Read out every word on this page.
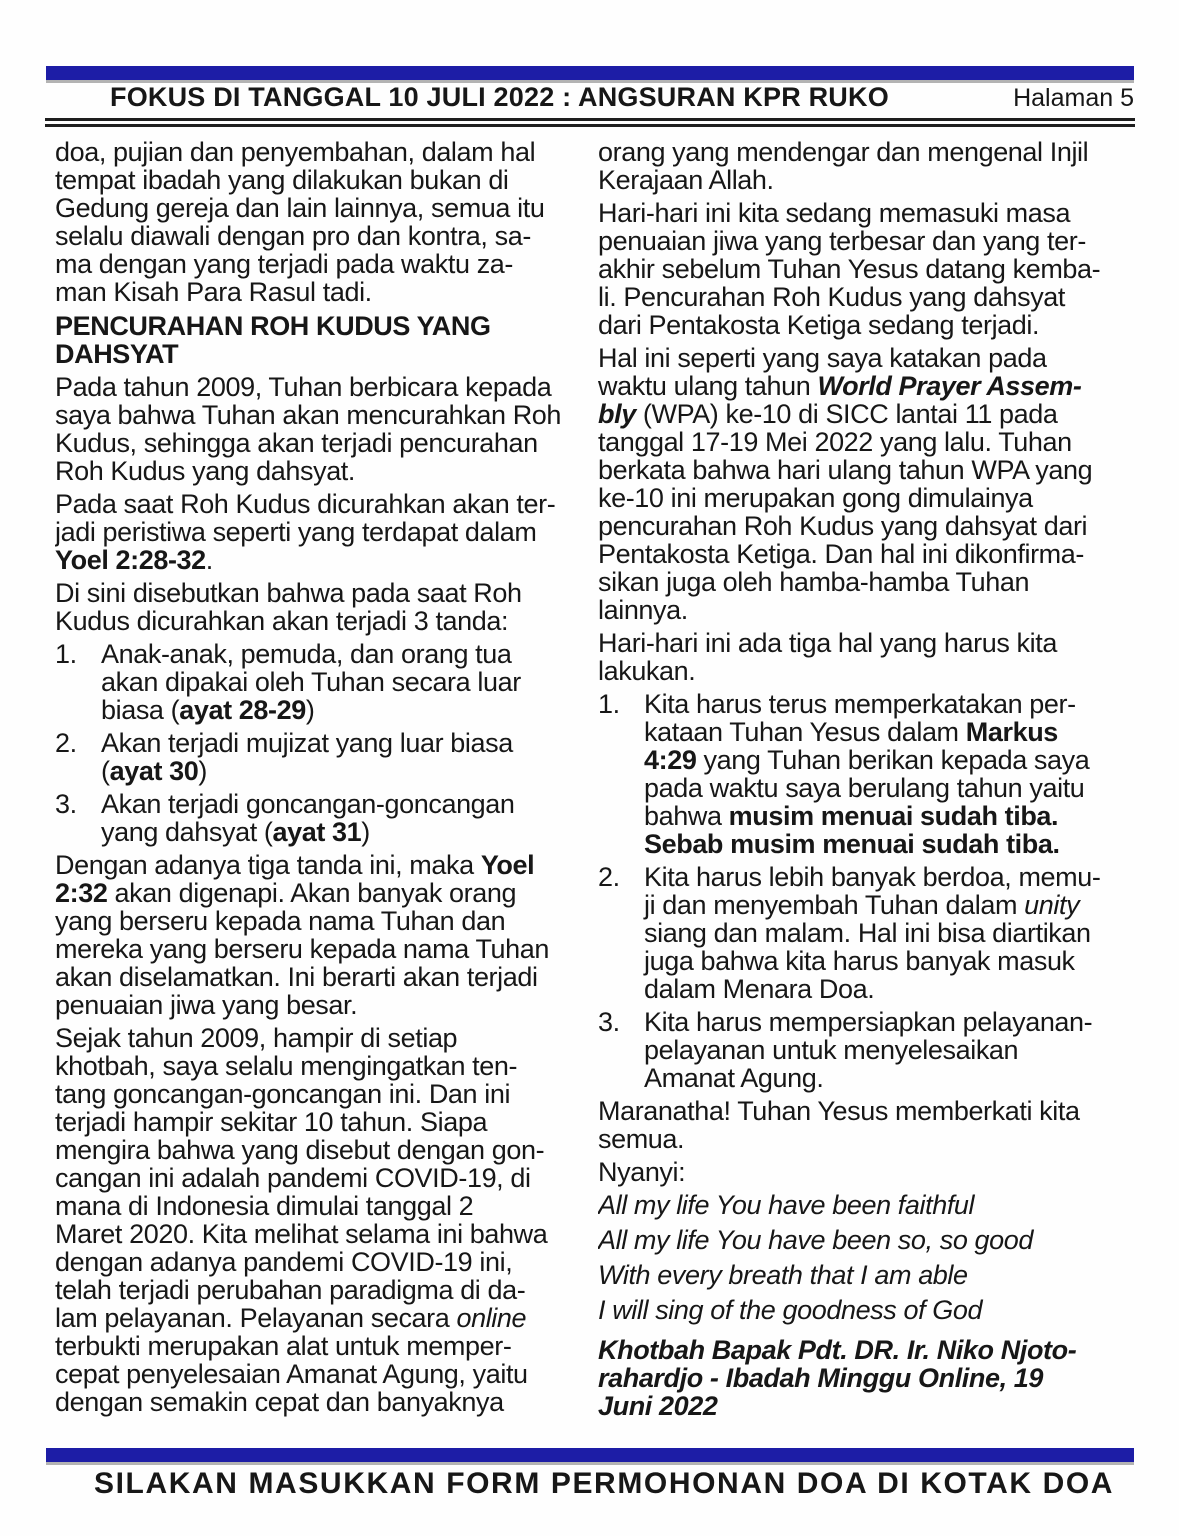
FOKUS DI TANGGAL 10 JULI 2022 : ANGSURAN KPR RUKO	Halaman 5
doa, pujian dan penyembahan, dalam hal
tempat ibadah yang dilakukan bukan di
Gedung gereja dan lain lainnya, semua itu
selalu diawali dengan pro dan kontra, sa-
ma dengan yang terjadi pada waktu za-
man Kisah Para Rasul tadi.
PENCURAHAN ROH KUDUS YANG
DAHSYAT
Pada tahun 2009, Tuhan berbicara kepada
saya bahwa Tuhan akan mencurahkan Roh
Kudus, sehingga akan terjadi pencurahan
Roh Kudus yang dahsyat.
Pada saat Roh Kudus dicurahkan akan ter-
jadi peristiwa seperti yang terdapat dalam
Yoel 2:28-32.
Di sini disebutkan bahwa pada saat Roh
Kudus dicurahkan akan terjadi 3 tanda:
1. Anak-anak, pemuda, dan orang tua
akan dipakai oleh Tuhan secara luar
biasa (ayat 28-29)
2. Akan terjadi mujizat yang luar biasa
(ayat 30)
3. Akan terjadi goncangan-goncangan
yang dahsyat (ayat 31)
Dengan adanya tiga tanda ini, maka Yoel
2:32 akan digenapi. Akan banyak orang
yang berseru kepada nama Tuhan dan
mereka yang berseru kepada nama Tuhan
akan diselamatkan. Ini berarti akan terjadi
penuaian jiwa yang besar.
Sejak tahun 2009, hampir di setiap
khotbah, saya selalu mengingatkan ten-
tang goncangan-goncangan ini. Dan ini
terjadi hampir sekitar 10 tahun. Siapa
mengira bahwa yang disebut dengan gon-
cangan ini adalah pandemi COVID-19, di
mana di Indonesia dimulai tanggal 2
Maret 2020. Kita melihat selama ini bahwa
dengan adanya pandemi COVID-19 ini,
telah terjadi perubahan paradigma di da-
lam pelayanan. Pelayanan secara online
terbukti merupakan alat untuk memper-
cepat penyelesaian Amanat Agung, yaitu
dengan semakin cepat dan banyaknya
orang yang mendengar dan mengenal Injil
Kerajaan Allah.
Hari-hari ini kita sedang memasuki masa
penuaian jiwa yang terbesar dan yang ter-
akhir sebelum Tuhan Yesus datang kemba-
li. Pencurahan Roh Kudus yang dahsyat
dari Pentakosta Ketiga sedang terjadi.
Hal ini seperti yang saya katakan pada
waktu ulang tahun World Prayer Assem-
bly (WPA) ke-10 di SICC lantai 11 pada
tanggal 17-19 Mei 2022 yang lalu. Tuhan
berkata bahwa hari ulang tahun WPA yang
ke-10 ini merupakan gong dimulainya
pencurahan Roh Kudus yang dahsyat dari
Pentakosta Ketiga. Dan hal ini dikonfirma-
sikan juga oleh hamba-hamba Tuhan
lainnya.
Hari-hari ini ada tiga hal yang harus kita
lakukan.
1. Kita harus terus memperkatakan per-
kataan Tuhan Yesus dalam Markus
4:29 yang Tuhan berikan kepada saya
pada waktu saya berulang tahun yaitu
bahwa musim menuai sudah tiba.
Sebab musim menuai sudah tiba.
2. Kita harus lebih banyak berdoa, memu-
ji dan menyembah Tuhan dalam unity
siang dan malam. Hal ini bisa diartikan
juga bahwa kita harus banyak masuk
dalam Menara Doa.
3. Kita harus mempersiapkan pelayanan-
pelayanan untuk menyelesaikan
Amanat Agung.
Maranatha! Tuhan Yesus memberkati kita
semua.
Nyanyi:
All my life You have been faithful
All my life You have been so, so good
With every breath that I am able
I will sing of the goodness of God
Khotbah Bapak Pdt. DR. Ir. Niko Njoto-
rahardjo - Ibadah Minggu Online, 19
Juni 2022
SILAKAN MASUKKAN FORM PERMOHONAN DOA DI KOTAK DOA
